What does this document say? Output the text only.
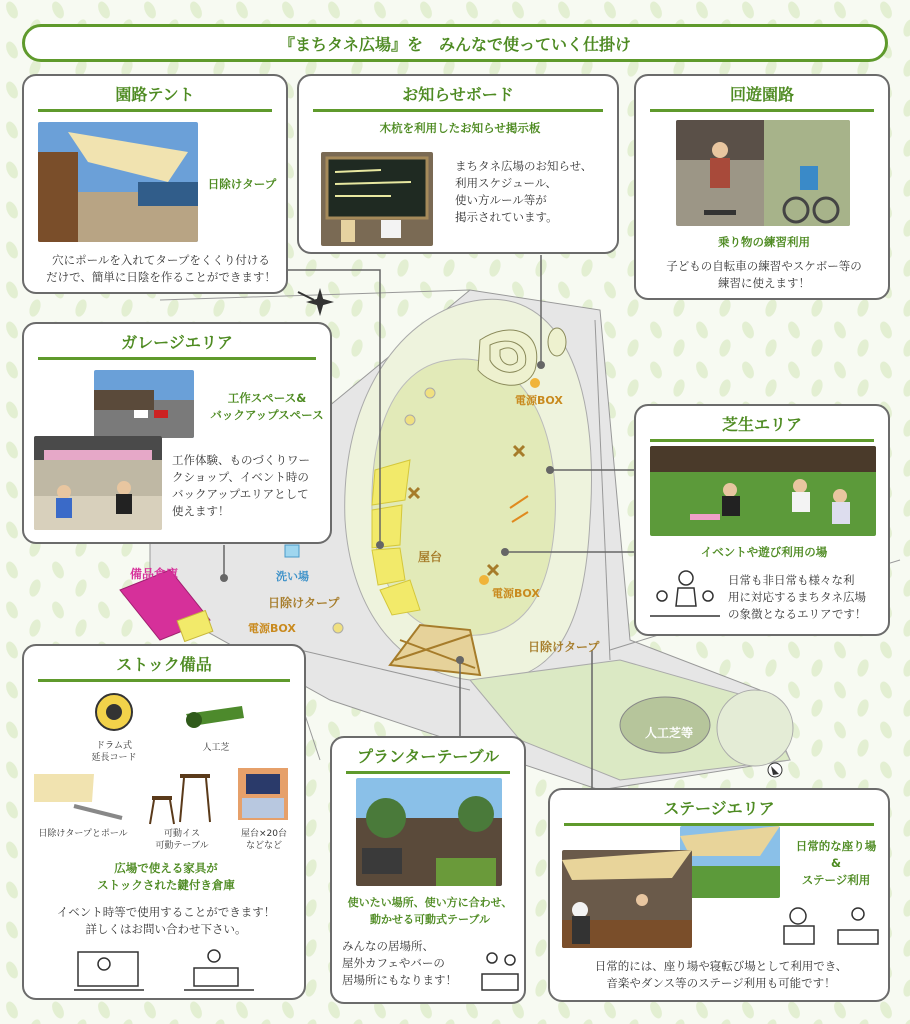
電源BOX
電源BOX
電源BOX
屋台
日除けタープ
日除けタープ
備品倉庫	洗い場
人工芝等
『まちタネ広場』を　みんなで使っていく仕掛け
園路テント
日除けタープ
穴にポールを入れてタープをくくり付ける
だけで、簡単に日陰を作ることができます！
お知らせボード
木杭を利用したお知らせ掲示板
まちタネ広場のお知らせ、
利用スケジュール、
使い方ルール等が
掲示されています。
回遊園路
乗り物の練習利用
子どもの自転車の練習やスケボー等の
練習に使えます！
ガレージエリア
工作スペース&
バックアップスペース
工作体験、ものづくりワー
クショップ、イベント時の
バックアップエリアとして
使えます！
芝生エリア
イベントや遊び利用の場
日常も非日常も様々な利
用に対応するまちタネ広場
の象徴となるエリアです！
ストック備品
ドラム式
延長コード
人工芝
日除けタープとポール	可動イス
可動テーブル
屋台×20台
などなど
広場で使える家具が
ストックされた鍵付き倉庫
イベント時等で使用することができます！
詳しくはお問い合わせ下さい。
プランターテーブル
使いたい場所、使い方に合わせ、
動かせる可動式テーブル
みんなの居場所、
屋外カフェやバーの
居場所にもなります！
ステージエリア
日常的な座り場
&
ステージ利用
日常的には、座り場や寝転び場として利用でき、
音楽やダンス等のステージ利用も可能です！
